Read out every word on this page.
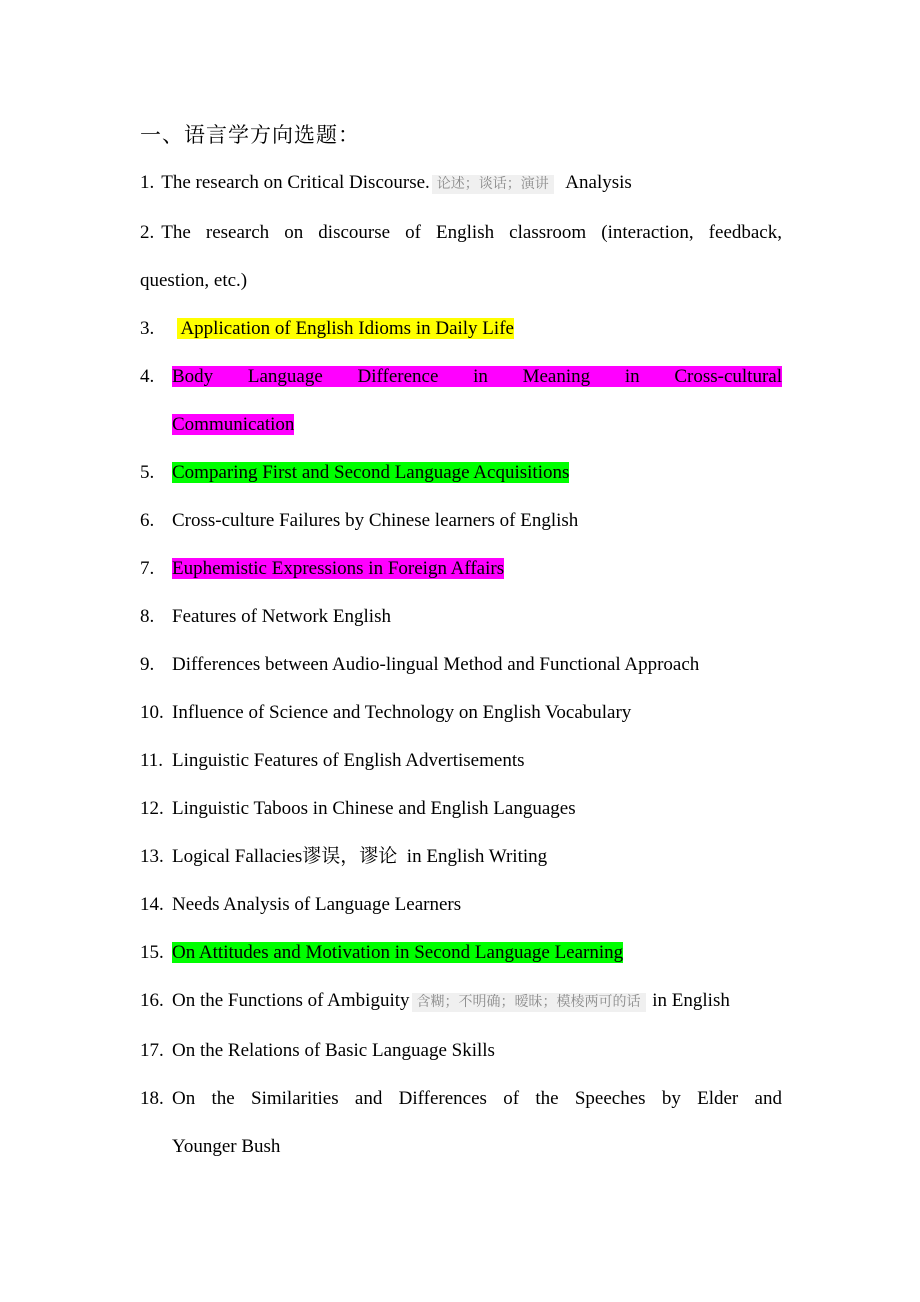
一、语言学方向选题：
1. The research on Critical Discourse. 论述；谈话；演讲  Analysis
2. The research on discourse of English classroom (interaction, feedback,
question, etc.)
3.  Application of English Idioms in Daily Life
4. Body Language Difference in Meaning in Cross-cultural
Communication
5. Comparing First and Second Language Acquisitions
6. Cross-culture Failures by Chinese learners of English
7. Euphemistic Expressions in Foreign Affairs
8. Features of Network English
9. Differences between Audio-lingual Method and Functional Approach
10. Influence of Science and Technology on English Vocabulary
11. Linguistic Features of English Advertisements
12. Linguistic Taboos in Chinese and English Languages
13. Logical Fallacies谬误，谬论  in English Writing
14. Needs Analysis of Language Learners
15. On Attitudes and Motivation in Second Language Learning
16. On the Functions of Ambiguity 含糊；不明确；暧昧；模棱两可的话 in English
17. On the Relations of Basic Language Skills
18. On the Similarities and Differences of the Speeches by Elder and
Younger Bush
